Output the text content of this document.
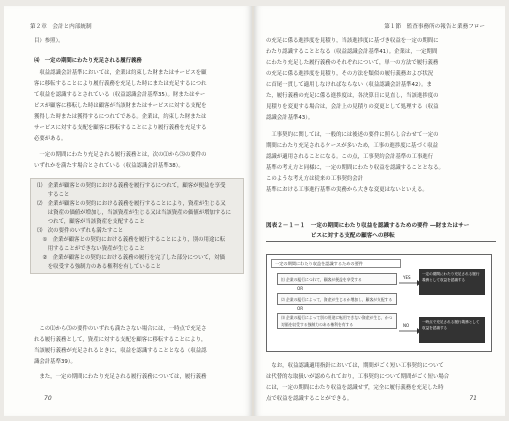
第２章　会計と内部統制
目）参照）。
⑷　一定の期間にわたり充足される履行義務
　収益認識会計基準においては，企業は約束した財またはサービスを顧
客に移転することにより履行義務を充足した時にまたは充足するにつれ
て収益を認識するとされている（収益認識会計基準35）。財またはサー
ビスが顧客に移転した時は顧客が当該財またはサービスに対する支配を
獲得した時または獲得するにつれてである。企業は，約束した財または
サービスに対する支配を顧客に移転することにより履行義務を充足する
必要がある。
　一定の期間にわたり充足される履行義務とは，次の⑴から⑶の要件の
いずれかを満たす場合とされている（収益認識会計基準38）。
⑴　企業が顧客との契約における義務を履行するにつれて，顧客が便益を享受
　　すること
⑵　企業が顧客との契約における義務を履行することにより，資産が生じる又
　　は資産の価値が増加し，当該資産が生じる又は当該資産の価値が増加するに
　　つれて，顧客が当該資産を支配すること
⑶　次の要件のいずれも満たすこと
　①　企業が顧客との契約における義務を履行することにより，別の用途に転
　　用することができない資産が生じること
　②　企業が顧客との契約における義務の履行を完了した部分について，対価
　　を収受する強制力のある権利を有していること
　この⑴から⑶の要件のいずれも満たさない場合には，一時点で充足さ
れる履行義務として，資産に対する支配を顧客に移転することにより，
当該履行義務が充足されるときに，収益を認識することとなる（収益認
識会計基準39）。
　また，一定の期間にわたり充足される履行義務については，履行義務
70
第１節　監査事務所の報告と業務フロー
の充足に係る進捗度を見積り，当該進捗度に基づき収益を一定の期間に
わたり認識することとなる（収益認識会計基準41）。企業は，一定期間
にわたり充足した履行義務のそれぞれについて，単一の方法で履行義務
の充足に係る進捗度を見積り，その方法を類似の履行義務および状況
に首尾一貫して適用しなければならない（収益認識会計基準42）。ま
た，履行義務の充足に係る進捗度は，各決算日に見直し，当該進捗度の
見積りを変更する場合は，会計上の見積りの変更として処理する（収益
認識会計基準43）。
　工事契約に関しては，一般的には後述の要件に照らし合わせて一定の
期間にわたり充足されるケースが多いため，工事の進捗度に基づく収益
認識が適用されることになる。この点，工事契約会計基準の工事進行
基準の考え方と同様に，一定の期間にわたり収益を認識することとなる。
このような考え方は従来の工事契約会計
基準における工事進行基準の実務から大きな変更はないといえる。
図表２－１－１　一定の期間にわたり収益を認識するための要件 ―財またはサー
　　　　　　　　ビスに対する支配の顧客への移転
一定の期間にわたり収益を認識するための要件
⑴ 企業の履行につれて，顧客が便益を享受する
OR
⑵ 企業の履行によって，資産が生じるか増加し，顧客が支配する
OR
⑶ 企業の履行によって別の用途に転用できない資産が生じ，かつ対価を収受する強制力のある権利を有する
YES
NO
一定の期間にわたり充足される履行義務として収益を認識する
一時点で充足される履行義務として収益を認識する
　なお，収益認識適用指針においては，期間がごく短い工事契約について
は代替的な取扱いが認められており，工事契約について期間がごく短い場合
には，一定の期間にわたり収益を認識せず，完全に履行義務を充足した時
点で収益を認識することができる。	71
